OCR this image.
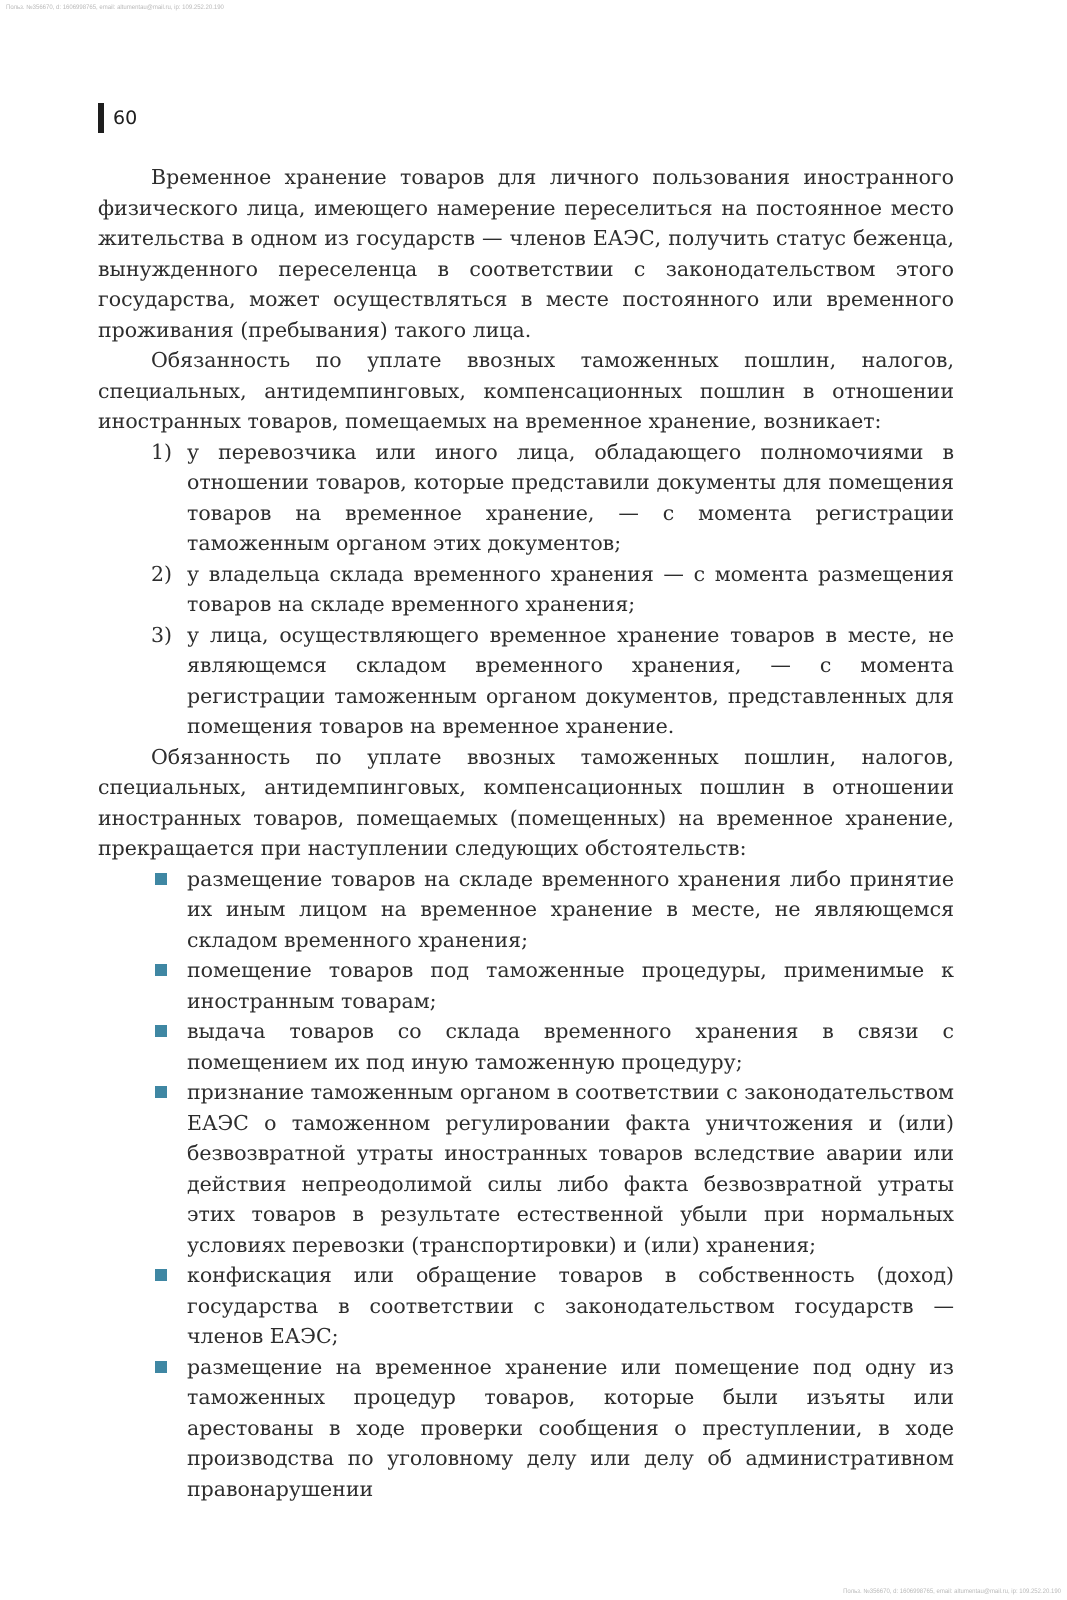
Польз. №356670, d: 1606998765, email: altumentau@mail.ru, ip: 109.252.20.190
60

Временное хранение товаров для личного пользования иностранного физического лица, имеющего намерение переселиться на постоянное место жительства в одном из государств — членов ЕАЭС, получить статус беженца, вынужденного переселенца в соответствии с законодательством этого государства, может осуществляться в месте постоянного или временного проживания (пребывания) такого лица.

Обязанность по уплате ввозных таможенных пошлин, налогов, специальных, антидемпинговых, компенсационных пошлин в отношении иностранных товаров, помещаемых на временное хранение, возникает:

1) у перевозчика или иного лица, обладающего полномочиями в отношении товаров, которые представили документы для помещения товаров на временное хранение, — с момента регистрации таможенным органом этих документов;
2) у владельца склада временного хранения — с момента размещения товаров на складе временного хранения;
3) у лица, осуществляющего временное хранение товаров в месте, не являющемся складом временного хранения, — с момента регистрации таможенным органом документов, представленных для помещения товаров на временное хранение.

Обязанность по уплате ввозных таможенных пошлин, налогов, специальных, антидемпинговых, компенсационных пошлин в отношении иностранных товаров, помещаемых (помещенных) на временное хранение, прекращается при наступлении следующих обстоятельств:

размещение товаров на складе временного хранения либо принятие их иным лицом на временное хранение в месте, не являющемся складом временного хранения;
помещение товаров под таможенные процедуры, применимые к иностранным товарам;
выдача товаров со склада временного хранения в связи с помещением их под иную таможенную процедуру;
признание таможенным органом в соответствии с законодательством ЕАЭС о таможенном регулировании факта уничтожения и (или) безвозвратной утраты иностранных товаров вследствие аварии или действия непреодолимой силы либо факта безвозвратной утраты этих товаров в результате естественной убыли при нормальных условиях перевозки (транспортировки) и (или) хранения;
конфискация или обращение товаров в собственность (доход) государства в соответствии с законодательством государств — членов ЕАЭС;
размещение на временное хранение или помещение под одну из таможенных процедур товаров, которые были изъяты или арестованы в ходе проверки сообщения о преступлении, в ходе производства по уголовному делу или делу об административном правонарушении
Польз. №356670, d: 1606998765, email: altumentau@mail.ru, ip: 109.252.20.190
